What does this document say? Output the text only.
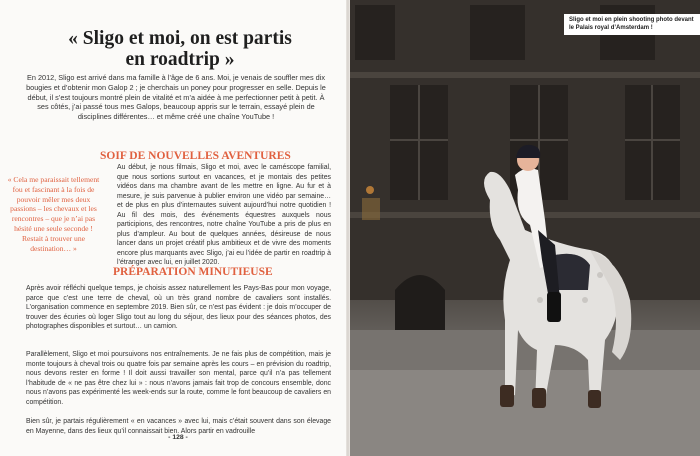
« Sligo et moi, on est partis en roadtrip »
En 2012, Sligo est arrivé dans ma famille à l’âge de 6 ans. Moi, je venais de souffler mes dix bougies et d’obtenir mon Galop 2 ; je cherchais un poney pour progresser en selle. Depuis le début, il s’est toujours montré plein de vitalité et m’a aidée à me perfectionner petit à petit. À ses côtés, j’ai passé tous mes Galops, beaucoup appris sur le terrain, essayé plein de disciplines différentes… et même créé une chaîne YouTube !
SOIF DE NOUVELLES AVENTURES

Au début, je nous filmais, Sligo et moi, avec le caméscope familial, que nous sortions surtout en vacances, et je montais des petites vidéos dans ma chambre avant de les mettre en ligne. Au fur et à mesure, je suis parvenue à publier environ une vidéo par semaine… et de plus en plus d’internautes suivent aujourd’hui notre quotidien ! Au fil des mois, des événements équestres auxquels nous participions, des rencontres, notre chaîne YouTube a pris de plus en plus d’ampleur. Au bout de quelques années, désireuse de nous lancer dans un projet créatif plus ambitieux et de vivre des moments encore plus marquants avec Sligo, j’ai eu l’idée de partir en roadtrip à l’étranger avec lui, en juillet 2020.

« Cela me paraissait tellement fou et fascinant à la fois de pouvoir mêler mes deux passions – les chevaux et les rencontres – que je n’ai pas hésité une seule seconde ! Restait à trouver une destination… »
PRÉPARATION MINUTIEUSE

Après avoir réfléchi quelque temps, je choisis assez naturellement les Pays-Bas pour mon voyage, parce que c’est une terre de cheval, où un très grand nombre de cavaliers sont installés. L’organisation commence en septembre 2019. Bien sûr, ce n’est pas évident : je dois m’occuper de trouver des écuries où loger Sligo tout au long du séjour, des lieux pour des séances photos, des photographes disponibles et surtout… un camion.

Parallèlement, Sligo et moi poursuivons nos entraînements. Je ne fais plus de compétition, mais je monte toujours à cheval trois ou quatre fois par semaine après les cours – en prévision du roadtrip, nous devons rester en forme ! Il doit aussi travailler son mental, parce qu’il n’a pas tellement l’habitude de « ne pas être chez lui » : nous n’avons jamais fait trop de concours ensemble, donc nous n’avons pas expérimenté les week-ends sur la route, comme le font beaucoup de cavaliers en compétition.

Bien sûr, je partais régulièrement « en vacances » avec lui, mais c’était souvent dans son élevage en Mayenne, dans des lieux qu’il connaissait bien. Alors partir en vadrouille

- 128 -
Sligo et moi en plein shooting photo devant le Palais royal d’Amsterdam !
